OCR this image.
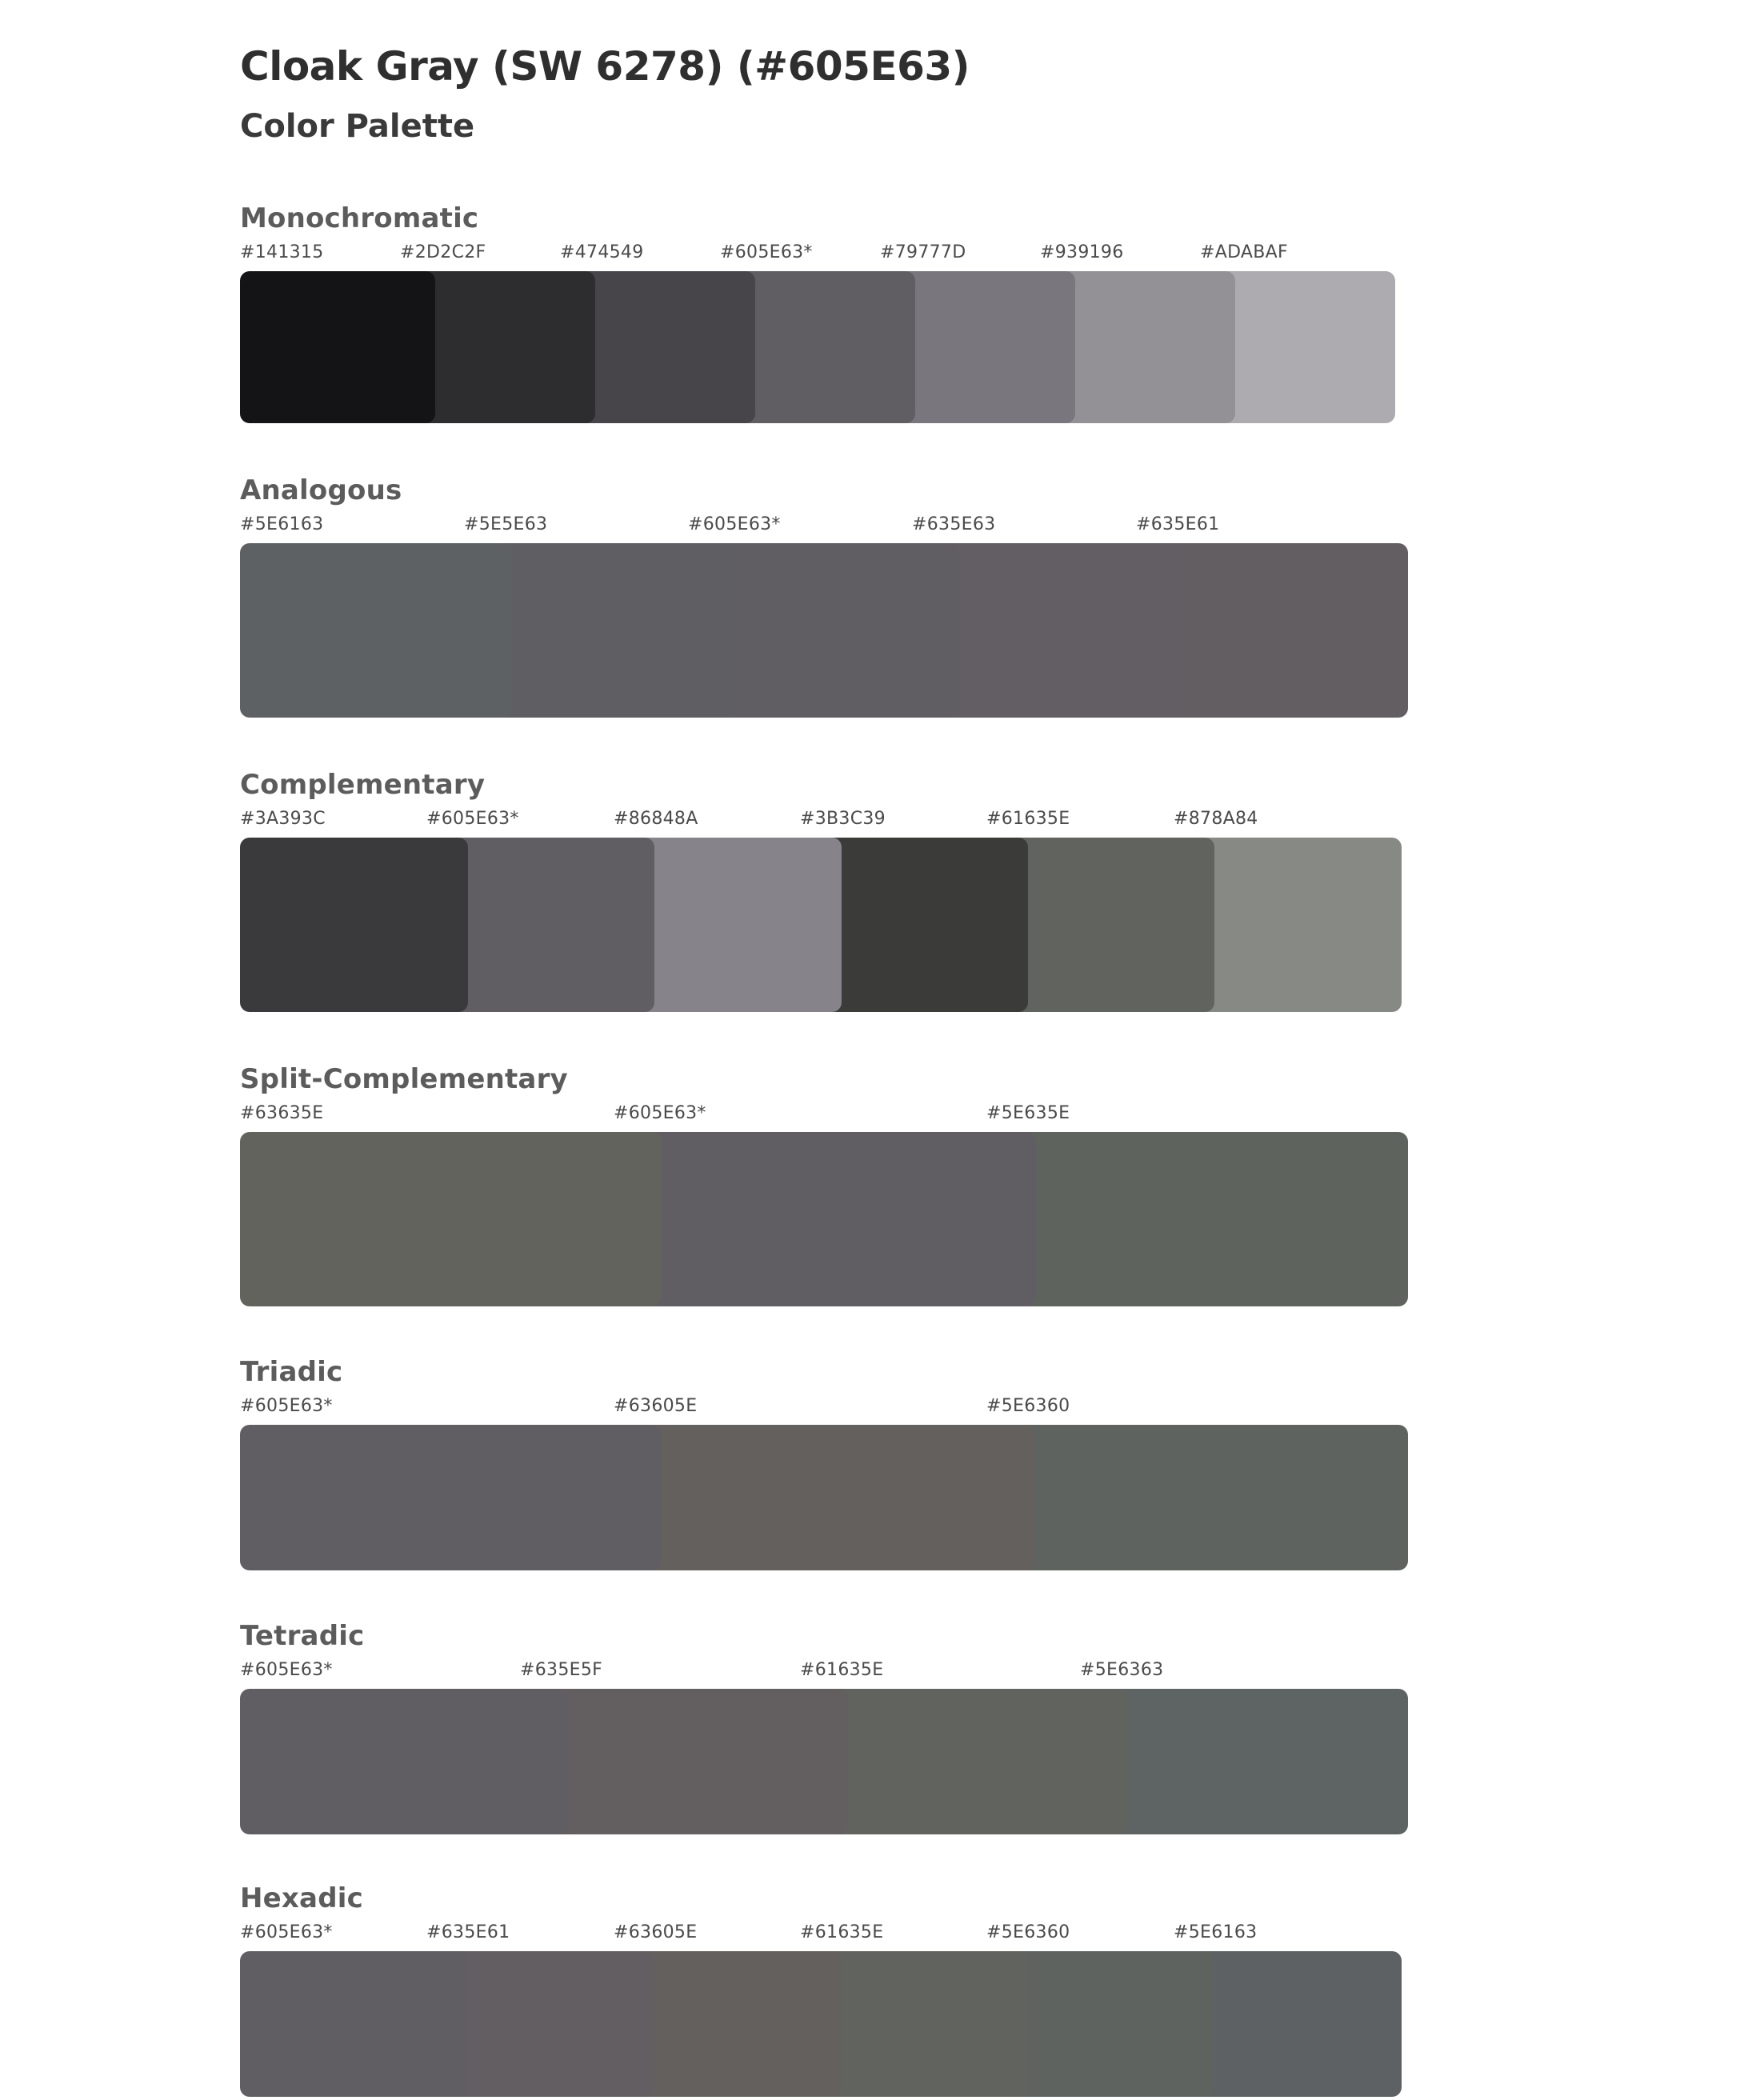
Cloak Gray (SW 6278) (#605E63)
Color Palette
Monochromatic
#141315	#2D2C2F	#474549	#605E63*	#79777D	#939196	#ADABAF
Analogous
#5E6163	#5E5E63	#605E63*	#635E63	#635E61
Complementary
#3A393C	#605E63*	#86848A	#3B3C39	#61635E	#878A84
Split-Complementary
#63635E	#605E63*	#5E635E
Triadic
#605E63*	#63605E	#5E6360
Tetradic
#605E63*	#635E5F	#61635E	#5E6363
Hexadic
#605E63*	#635E61	#63605E	#61635E	#5E6360	#5E6163
